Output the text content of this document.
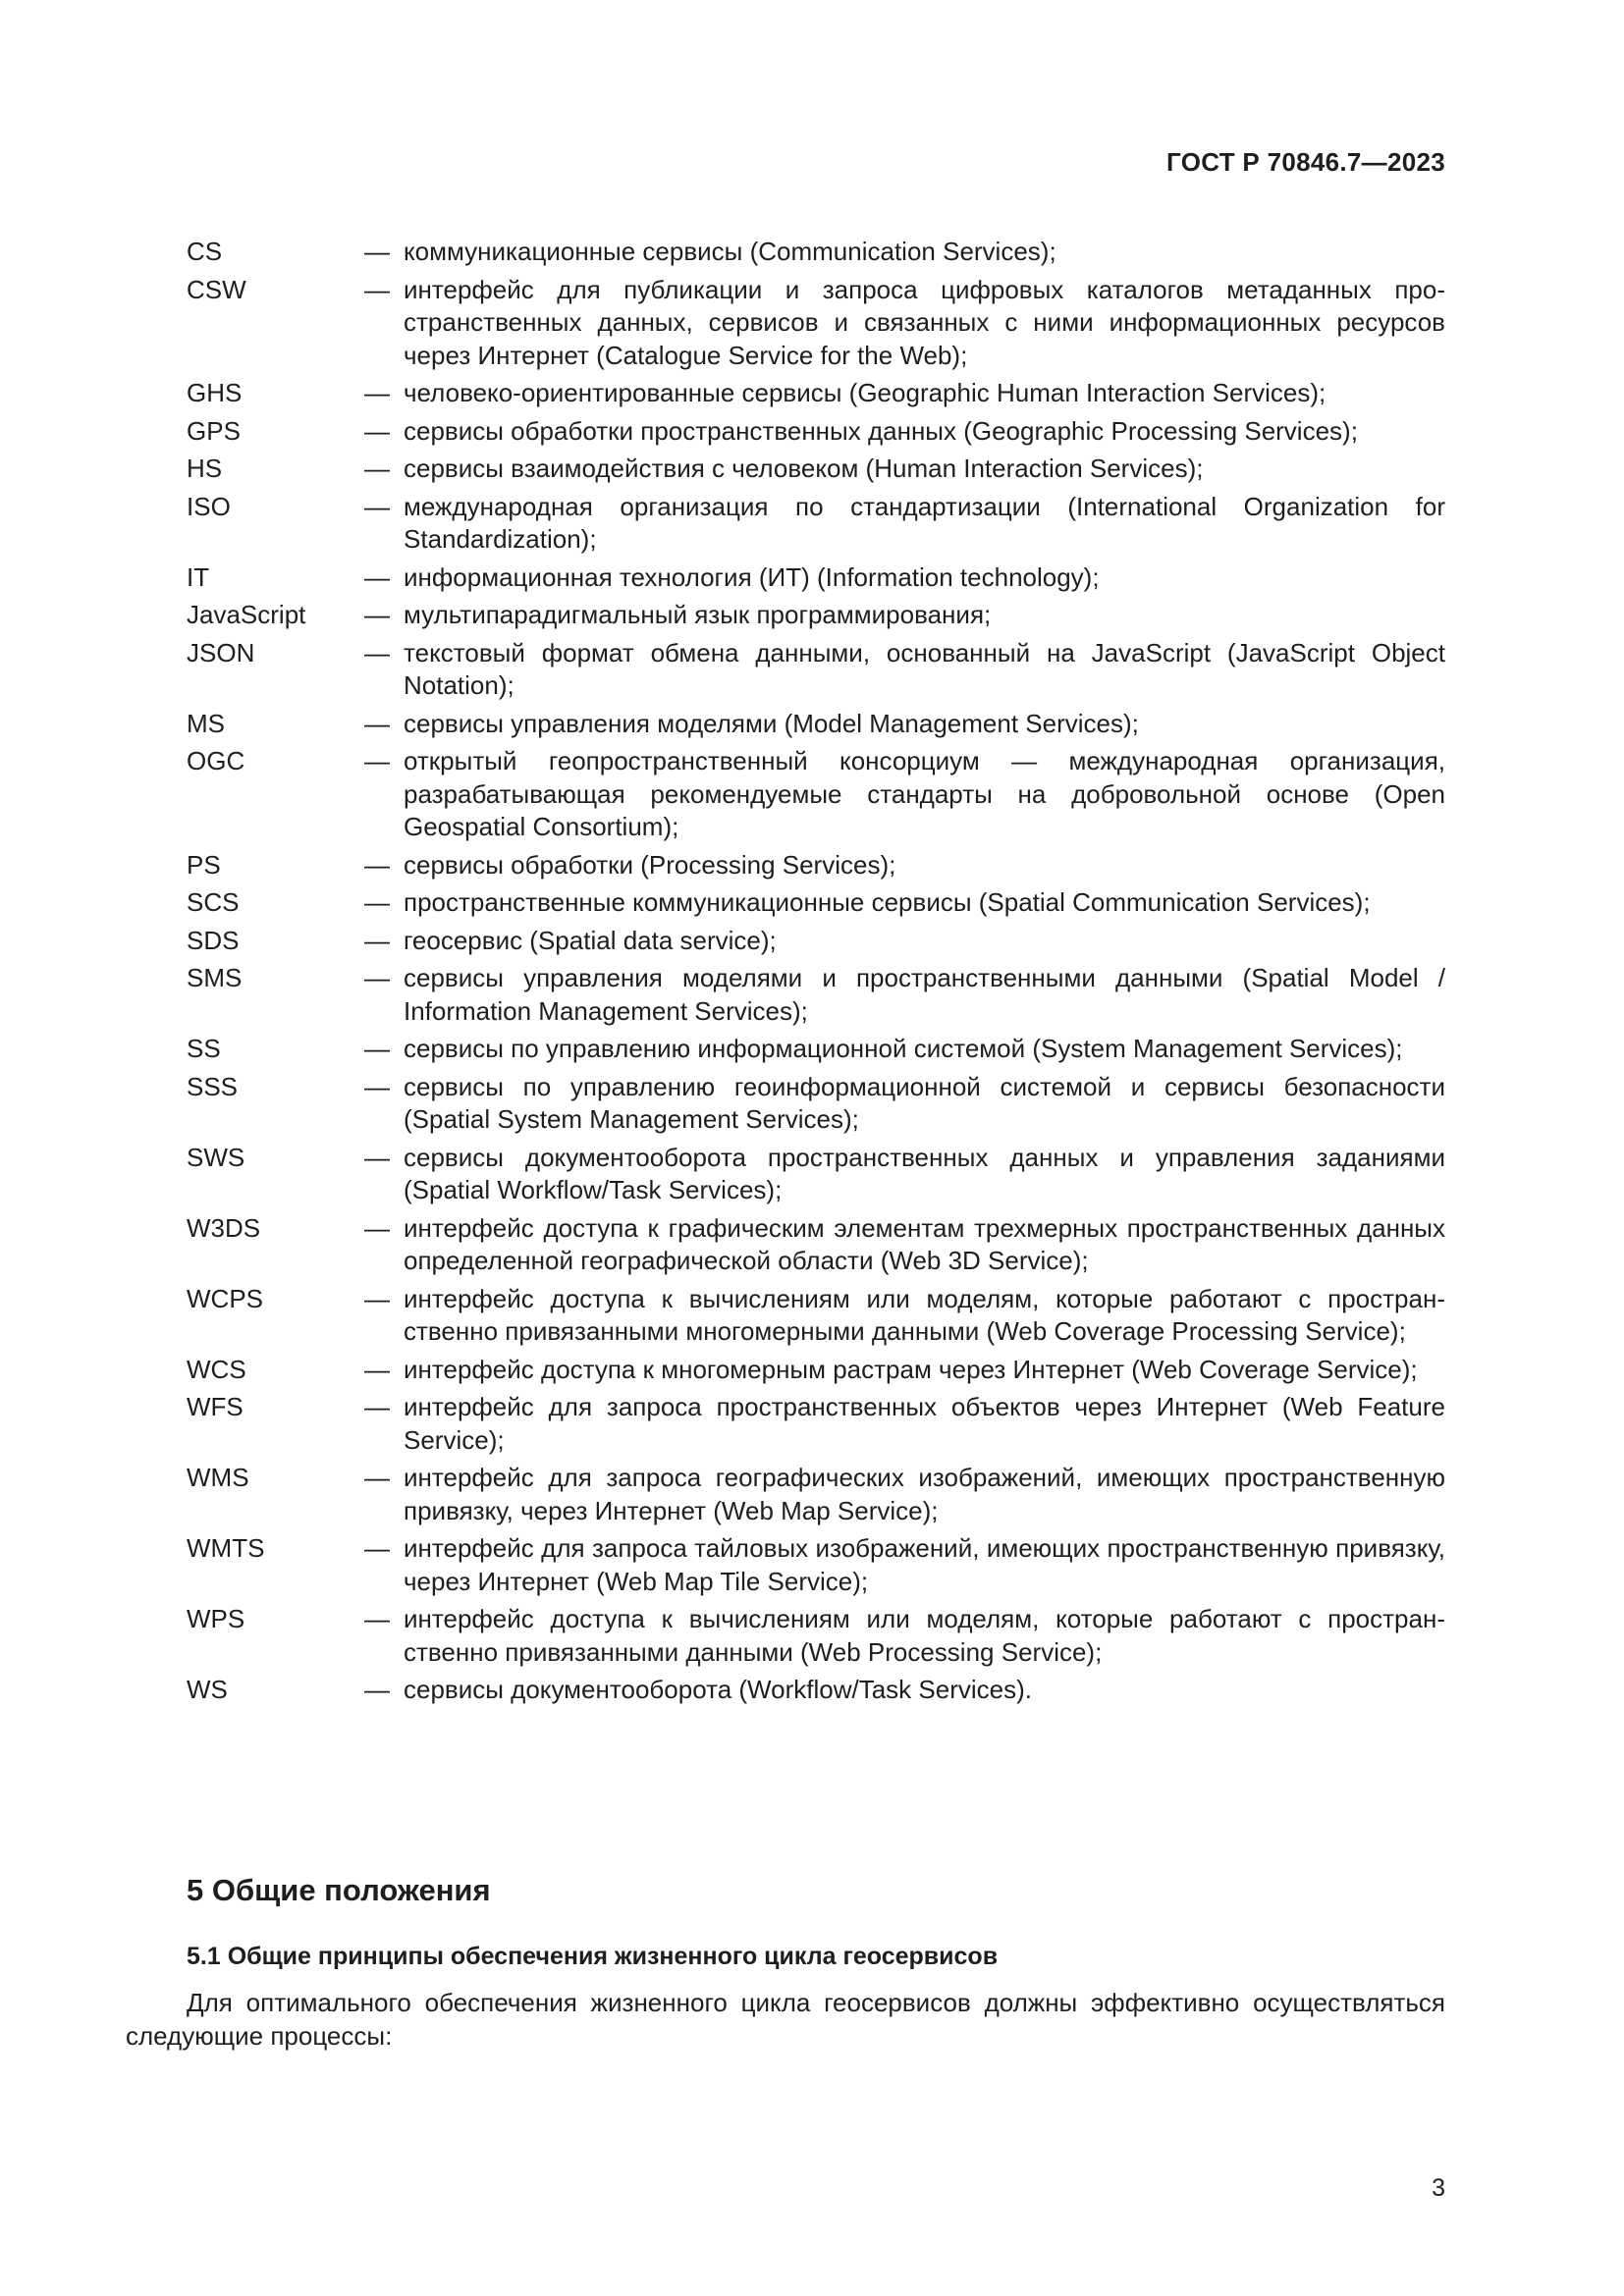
ГОСТ Р 70846.7—2023
CS	— коммуникационные сервисы (Communication Services);
CSW	— интерфейс для публикации и запроса цифровых каталогов метаданных пространственных данных, сервисов и связанных с ними информационных ресурсов через Интернет (Catalogue Service for the Web);
GHS	— человеко-ориентированные сервисы (Geographic Human Interaction Services);
GPS	— сервисы обработки пространственных данных (Geographic Processing Services);
HS	— сервисы взаимодействия с человеком (Human Interaction Services);
ISO	— международная организация по стандартизации (International Organization for Standardization);
IT	— информационная технология (ИТ) (Information technology);
JavaScript	— мультипарадигмальный язык программирования;
JSON	— текстовый формат обмена данными, основанный на JavaScript (JavaScript Object Notation);
MS	— сервисы управления моделями (Model Management Services);
OGC	— открытый геопространственный консорциум — международная организация, разрабатывающая рекомендуемые стандарты на добровольной основе (Open Geospatial Consortium);
PS	— сервисы обработки (Processing Services);
SCS	— пространственные коммуникационные сервисы (Spatial Communication Services);
SDS	— геосервис (Spatial data service);
SMS	— сервисы управления моделями и пространственными данными (Spatial Model / Information Management Services);
SS	— сервисы по управлению информационной системой (System Management Services);
SSS	— сервисы по управлению геоинформационной системой и сервисы безопасности (Spatial System Management Services);
SWS	— сервисы документооборота пространственных данных и управления заданиями (Spatial Workflow/Task Services);
W3DS	— интерфейс доступа к графическим элементам трехмерных пространственных данных определенной географической области (Web 3D Service);
WCPS	— интерфейс доступа к вычислениям или моделям, которые работают с пространственно привязанными многомерными данными (Web Coverage Processing Service);
WCS	— интерфейс доступа к многомерным растрам через Интернет (Web Coverage Service);
WFS	— интерфейс для запроса пространственных объектов через Интернет (Web Feature Service);
WMS	— интерфейс для запроса географических изображений, имеющих пространственную привязку, через Интернет (Web Map Service);
WMTS	— интерфейс для запроса тайловых изображений, имеющих пространственную привязку, через Интернет (Web Map Tile Service);
WPS	— интерфейс доступа к вычислениям или моделям, которые работают с пространственно привязанными данными (Web Processing Service);
WS	— сервисы документооборота (Workflow/Task Services).
5 Общие положения
5.1 Общие принципы обеспечения жизненного цикла геосервисов

Для оптимального обеспечения жизненного цикла геосервисов должны эффективно осуществляться следующие процессы:

3
